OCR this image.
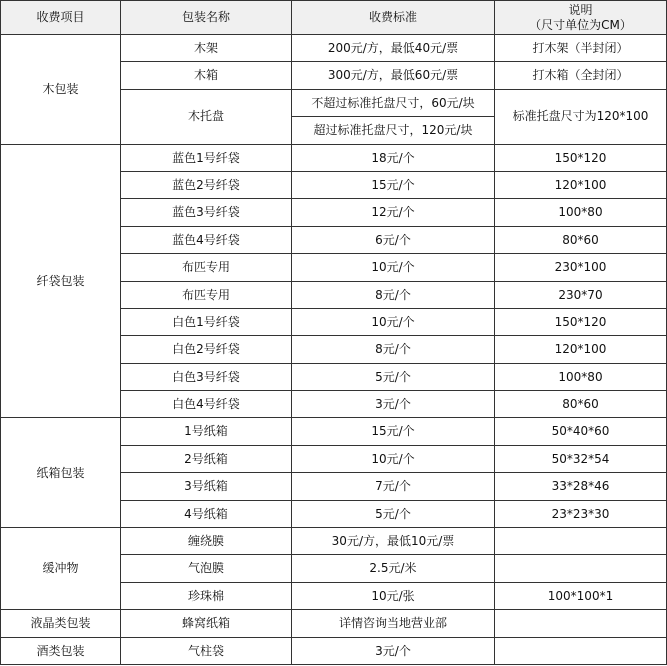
收费项目	包装名称	收费标准	说明
（尺寸单位为CM）

木包装	木架	200元/方，最低40元/票	打木架（半封闭）
	木箱	300元/方，最低60元/票	打木箱（全封闭）
	木托盘	不超过标准托盘尺寸，60元/块	标准托盘尺寸为120*100
		超过标准托盘尺寸，120元/块	
纤袋包装	蓝色1号纤袋	18元/个	150*120
	蓝色2号纤袋	15元/个	120*100
	蓝色3号纤袋	12元/个	100*80
	蓝色4号纤袋	6元/个	80*60
	布匹专用	10元/个	230*100
	布匹专用	8元/个	230*70
	白色1号纤袋	10元/个	150*120
	白色2号纤袋	8元/个	120*100
	白色3号纤袋	5元/个	100*80
	白色4号纤袋	3元/个	80*60
纸箱包装	1号纸箱	15元/个	50*40*60
	2号纸箱	10元/个	50*32*54
	3号纸箱	7元/个	33*28*46
	4号纸箱	5元/个	23*23*30
缓冲物	缠绕膜	30元/方，最低10元/票	
	气泡膜	2.5元/米	
	珍珠棉	10元/张	100*100*1
液晶类包装	蜂窝纸箱	详情咨询当地营业部	
酒类包装	气柱袋	3元/个	
